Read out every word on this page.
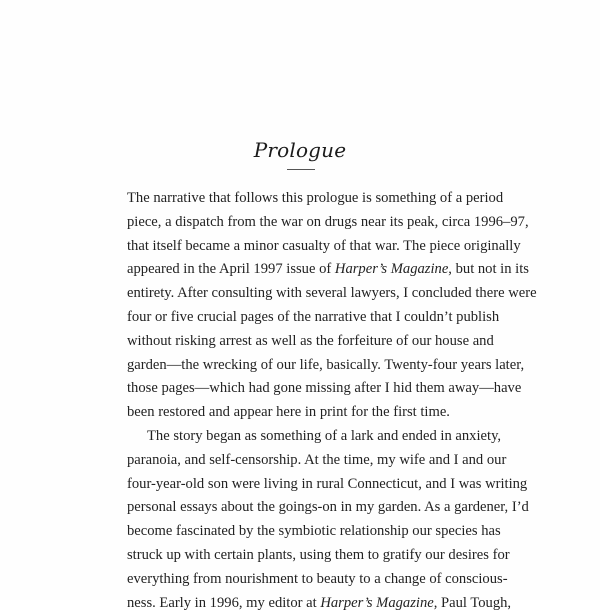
Prologue
The narrative that follows this prologue is something of a period
piece, a dispatch from the war on drugs near its peak, circa 1996–97,
that itself became a minor casualty of that war. The piece originally
appeared in the April 1997 issue of Harper’s Magazine, but not in its
entirety. After consulting with several lawyers, I concluded there were
four or five crucial pages of the narrative that I couldn’t publish
without risking arrest as well as the forfeiture of our house and
garden—the wrecking of our life, basically. Twenty-four years later,
those pages—which had gone missing after I hid them away—have
been restored and appear here in print for the first time.
The story began as something of a lark and ended in anxiety,
paranoia, and self-censorship. At the time, my wife and I and our
four-year-old son were living in rural Connecticut, and I was writing
personal essays about the goings-on in my garden. As a gardener, I’d
become fascinated by the symbiotic relationship our species has
struck up with certain plants, using them to gratify our desires for
everything from nourishment to beauty to a change of conscious-
ness. Early in 1996, my editor at Harper’s Magazine, Paul Tough,
